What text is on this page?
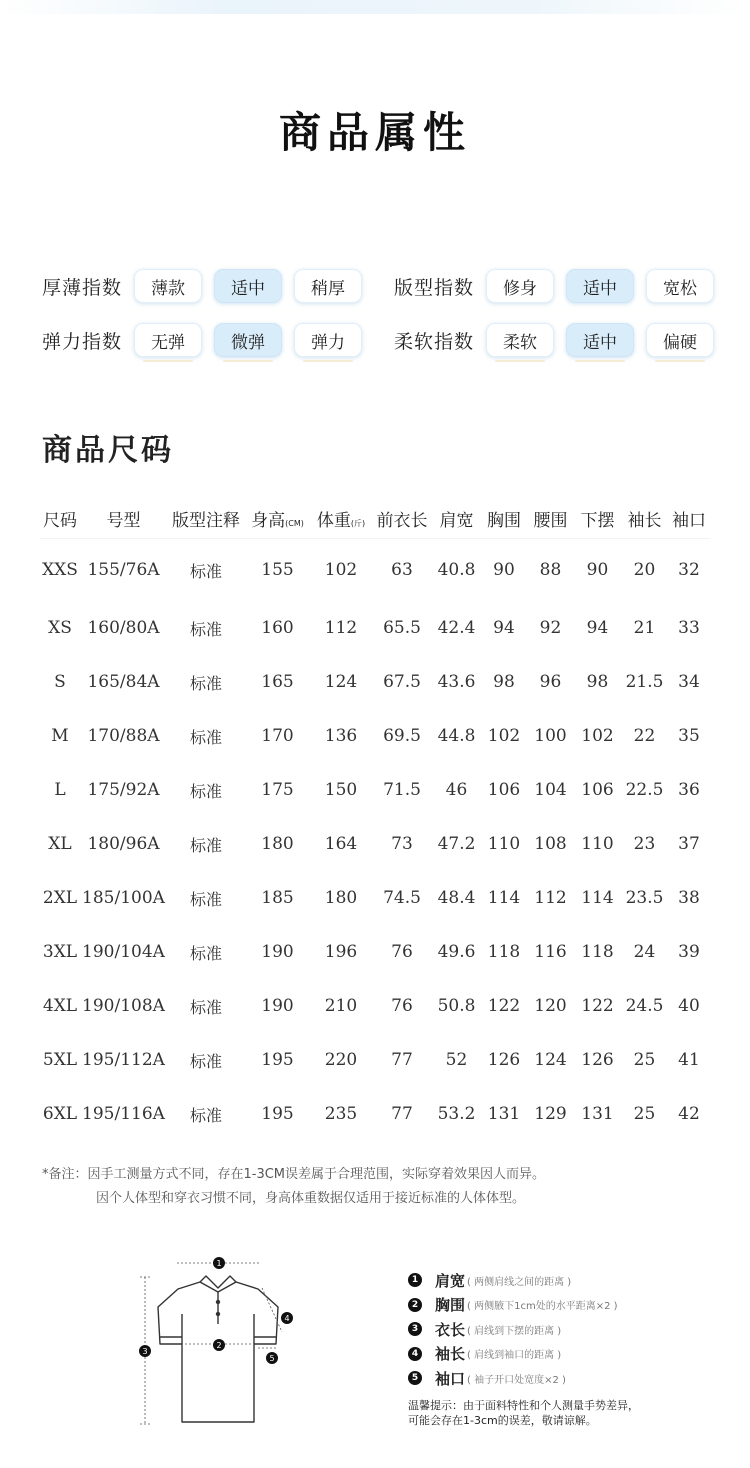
商品属性
厚薄指数	薄款	适中	稍厚	版型指数	修身	适中	宽松
弹力指数	无弹	微弹	弹力	柔软指数	柔软	适中	偏硬
商品尺码
尺码	号型	版型注释	身高(CM)	体重(斤)	前衣长	肩宽	胸围	腰围	下摆	袖长	袖口
XXS	155/76A	标准	155	102	63	40.8	90	88	90	20	32
XS	160/80A	标准	160	112	65.5	42.4	94	92	94	21	33
S	165/84A	标准	165	124	67.5	43.6	98	96	98	21.5	34
M	170/88A	标准	170	136	69.5	44.8	102	100	102	22	35
L	175/92A	标准	175	150	71.5	46	106	104	106	22.5	36
XL	180/96A	标准	180	164	73	47.2	110	108	110	23	37
2XL	185/100A	标准	185	180	74.5	48.4	114	112	114	23.5	38
3XL	190/104A	标准	190	196	76	49.6	118	116	118	24	39
4XL	190/108A	标准	190	210	76	50.8	122	120	122	24.5	40
5XL	195/112A	标准	195	220	77	52	126	124	126	25	41
6XL	195/116A	标准	195	235	77	53.2	131	129	131	25	42
*备注：因手工测量方式不同，存在1-3CM误差属于合理范围，实际穿着效果因人而异。
因个人体型和穿衣习惯不同，身高体重数据仅适用于接近标准的人体体型。
1
2
3
4
5
1 肩宽 ( 两侧肩线之间的距离 )
2 胸围 ( 两侧腋下1cm处的水平距离×2 )
3 衣长 ( 肩线到下摆的距离 )
4 袖长 ( 肩线到袖口的距离 )
5 袖口 ( 袖子开口处宽度×2 )
温馨提示：由于面料特性和个人测量手势差异，
可能会存在1-3cm的误差，敬请谅解。
